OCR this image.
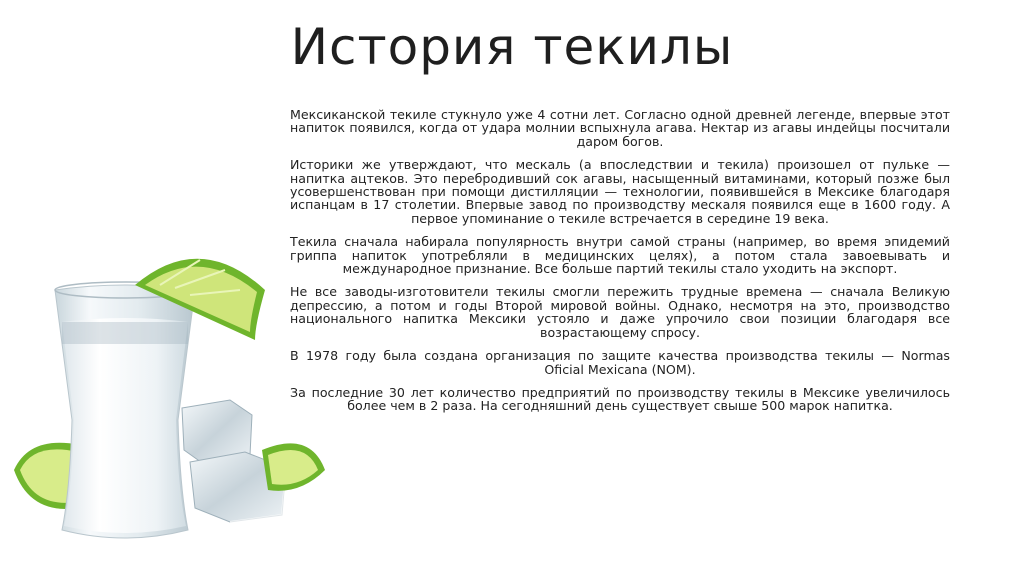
История текилы

Мексиканской текиле стукнуло уже 4 сотни лет. Согласно одной древней легенде, впервые этот напиток появился, когда от удара молнии вспыхнула агава. Нектар из агавы индейцы посчитали даром богов.

Историки же утверждают, что мескаль (а впоследствии и текила) произошел от пульке — напитка ацтеков. Это перебродивший сок агавы, насыщенный витаминами, который позже был усовершенствован при помощи дистилляции — технологии, появившейся в Мексике благодаря испанцам в 17 столетии. Впервые завод по производству мескаля появился еще в 1600 году. А первое упоминание о текиле встречается в середине 19 века.

Текила сначала набирала популярность внутри самой страны (например, во время эпидемий гриппа напиток употребляли в медицинских целях), а потом стала завоевывать и международное признание. Все больше партий текилы стало уходить на экспорт.

Не все заводы-изготовители текилы смогли пережить трудные времена — сначала Великую депрессию, а потом и годы Второй мировой войны. Однако, несмотря на это, производство национального напитка Мексики устояло и даже упрочило свои позиции благодаря все возрастающему спросу.

В 1978 году была создана организация по защите качества производства текилы — Normas Oficial Mexicana (NOM).

За последние 30 лет количество предприятий по производству текилы в Мексике увеличилось более чем в 2 раза. На сегодняшний день существует свыше 500 марок напитка.
